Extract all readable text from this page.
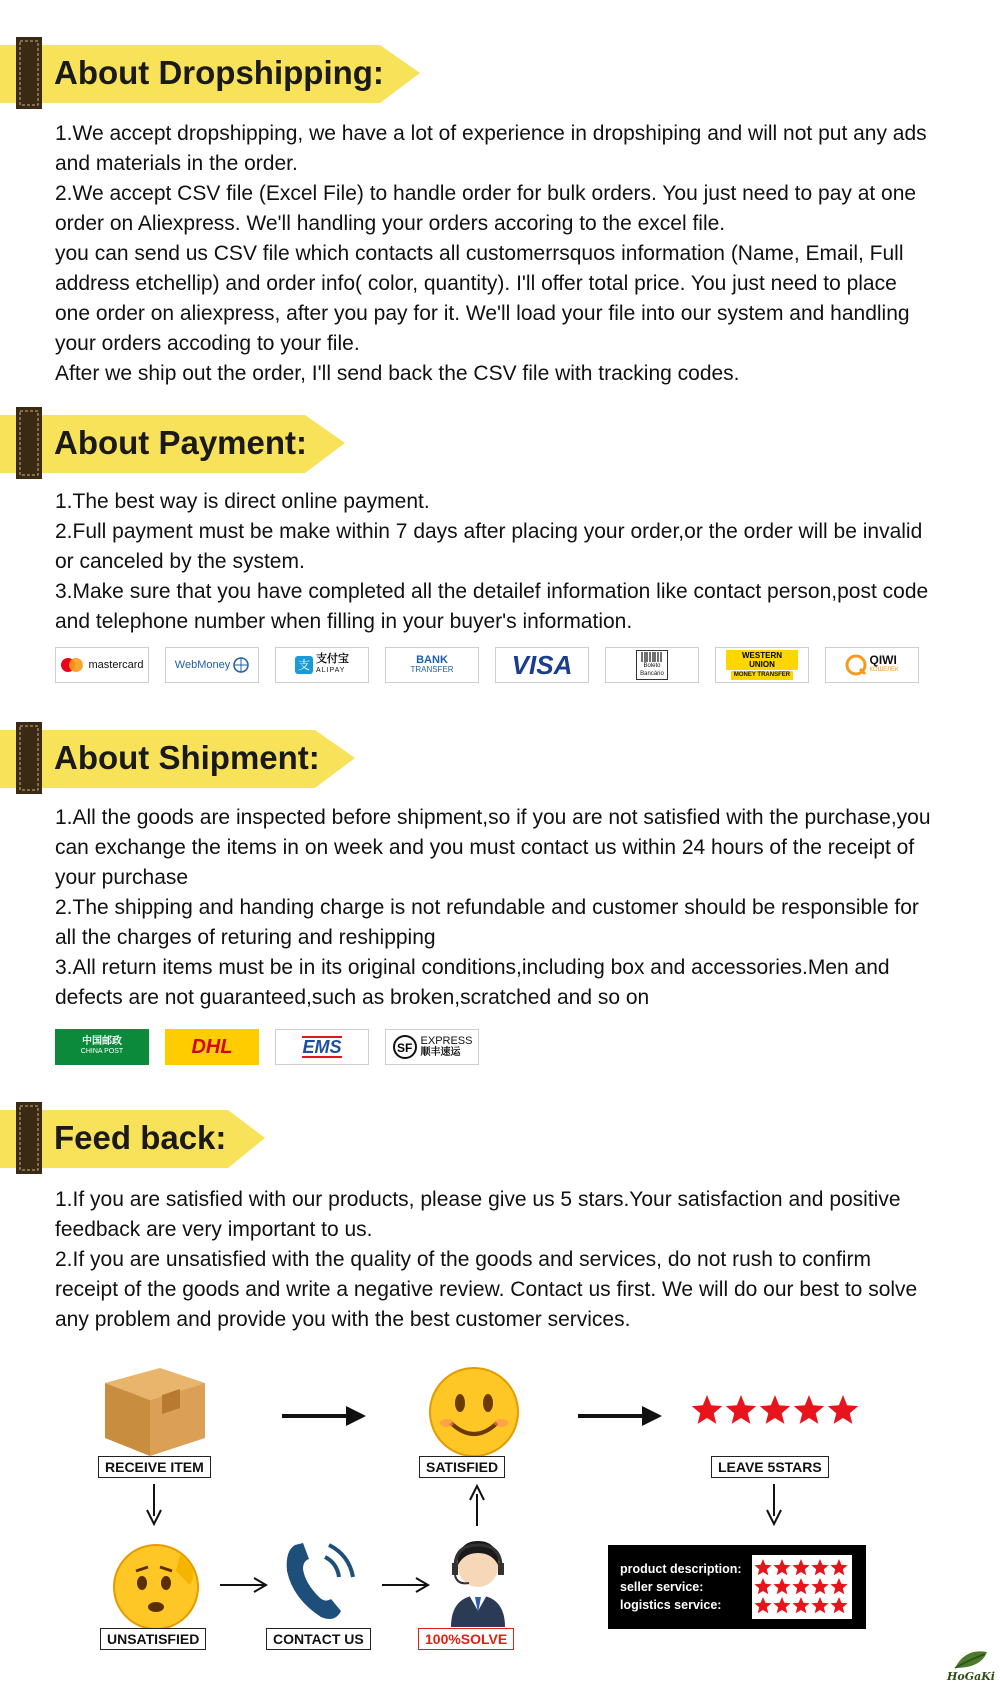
About Dropshipping:

1.We accept dropshipping, we have a lot of experience in dropshiping and will not put any ads and materials in the order.

2.We accept CSV file (Excel File) to handle order for bulk orders. You just need to pay at one order on Aliexpress. We'll handling your orders accoring to the excel file.

you can send us CSV file which contacts all customerrsquos information (Name, Email, Full address etchellip) and order info( color, quantity). I'll offer total price. You just need to place one order on aliexpress, after you pay for it. We'll load your file into our system and handling your orders accoding to your file.

After we ship out the order, I'll send back the CSV file with tracking codes.

About Payment:

1.The best way is direct online payment.

2.Full payment must be make within 7 days after placing your order,or the order will be invalid or canceled by the system.

3.Make sure that you have completed all the detailef information like contact person,post code and telephone number when filling in your buyer's information.

mastercard	WebMoney	支 支付宝
ALIPAY
BANK
TRANSFER VISA	Boleto
Bancário
WESTERN UNION
MONEY TRANSFER
QIWI
КОШЕЛЕК
About Shipment:

1.All the goods are inspected before shipment,so if you are not satisfied with the purchase,you can exchange the items in on week and you must contact us within 24 hours of the receipt of your purchase

2.The shipping and handing charge is not refundable and customer should be responsible for all the charges of returing and reshipping

3.All return items must be in its original conditions,including box and accessories.Men and defects are not guaranteed,such as broken,scratched and so on

中国邮政
CHINA POST	DHL	EMS	SF EXPRESS
顺丰速运
Feed back:

1.If you are satisfied with our products, please give us 5 stars.Your satisfaction and positive feedback are very important to us.

2.If you are unsatisfied with the quality of the goods and services, do not rush to confirm receipt of the goods and write a negative review. Contact us first. We will do our best to solve any problem and provide you with the best customer services.

RECEIVE ITEM	SATISFIED	LEAVE 5STARS
UNSATISFIED	CONTACT US	100%SOLVE
product description:
seller service:
logistics service:
HoGaKi
